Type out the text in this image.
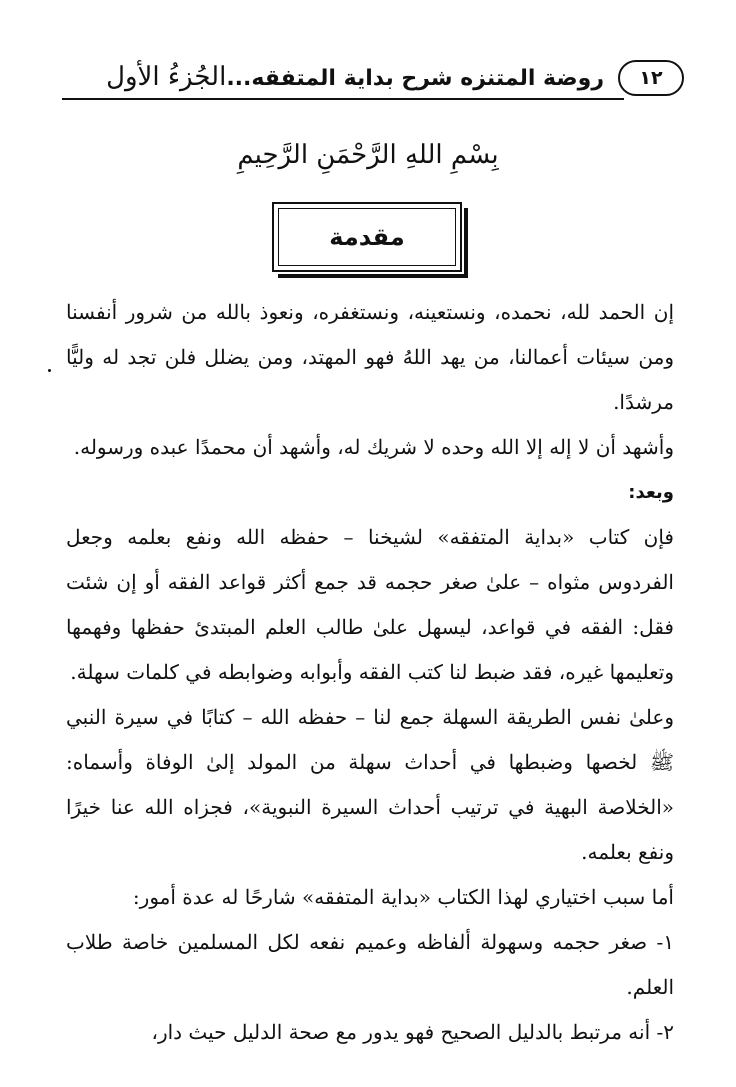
١٢
روضة المتنزه شرح بداية المتفقه...الجُزءُ الأول
بِسْمِ اللهِ الرَّحْمَنِ الرَّحِيمِ
مقدمة

إن الحمد لله، نحمده، ونستعينه، ونستغفره، ونعوذ بالله من شرور أنفسنا ومن سيئات أعمالنا، من يهد اللهُ فهو المهتد، ومن يضلل فلن تجد له وليًّا مرشدًا.

وأشهد أن لا إله إلا الله وحده لا شريك له، وأشهد أن محمدًا عبده ورسوله.

وبعد:

فإن كتاب «بداية المتفقه» لشيخنا – حفظه الله ونفع بعلمه وجعل الفردوس مثواه – علىٰ صغر حجمه قد جمع أكثر قواعد الفقه أو إن شئت فقل: الفقه في قواعد، ليسهل علىٰ طالب العلم المبتدئ حفظها وفهمها وتعليمها غيره، فقد ضبط لنا كتب الفقه وأبوابه وضوابطه في كلمات سهلة.

وعلىٰ نفس الطريقة السهلة جمع لنا – حفظه الله – كتابًا في سيرة النبي ﷺ لخصها وضبطها في أحداث سهلة من المولد إلىٰ الوفاة وأسماه: «الخلاصة البهية في ترتيب أحداث السيرة النبوية»، فجزاه الله عنا خيرًا ونفع بعلمه.

أما سبب اختياري لهذا الكتاب «بداية المتفقه» شارحًا له عدة أمور:

١- صغر حجمه وسهولة ألفاظه وعميم نفعه لكل المسلمين خاصة طلاب العلم.

٢- أنه مرتبط بالدليل الصحيح فهو يدور مع صحة الدليل حيث دار،
